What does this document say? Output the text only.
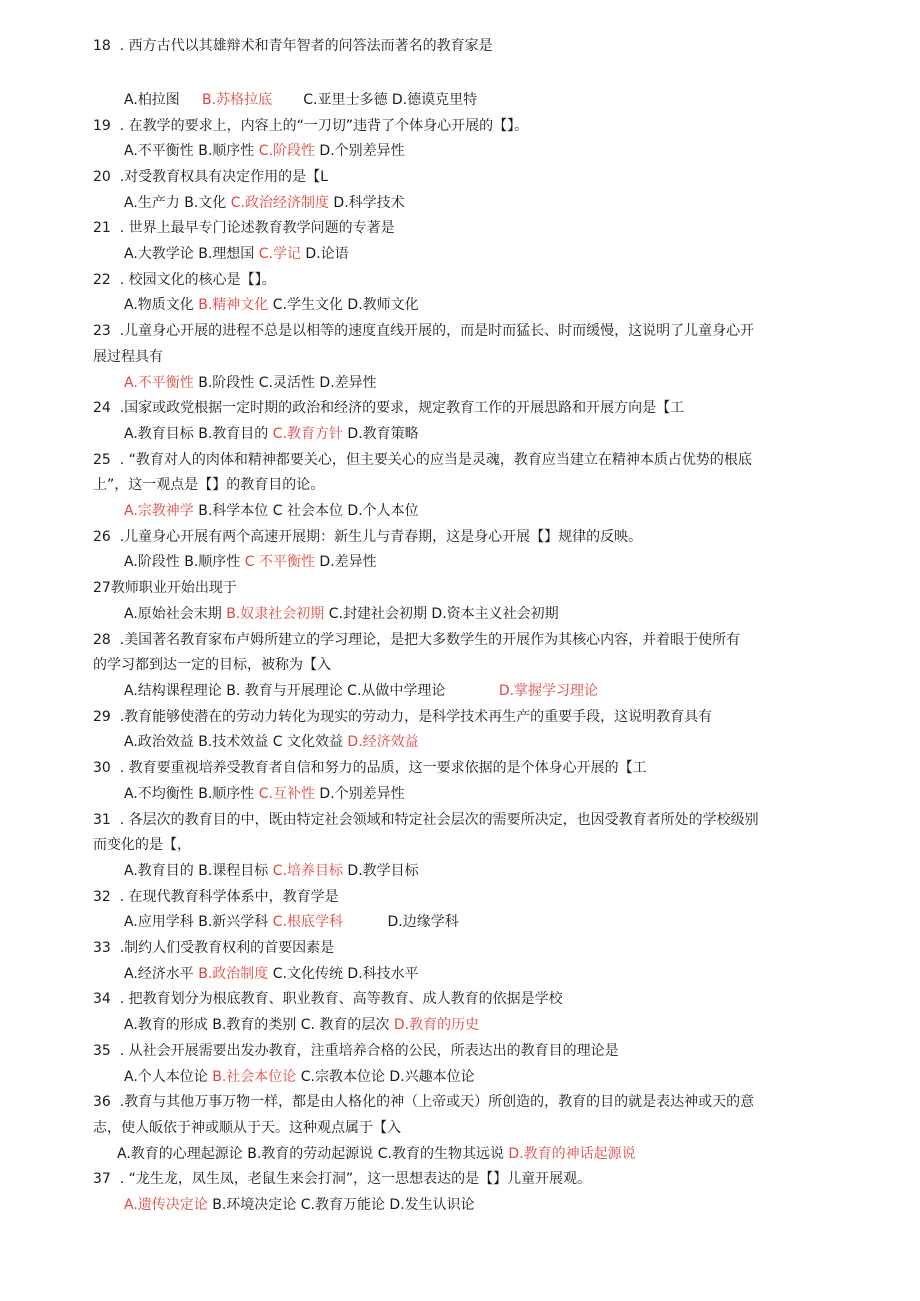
18  . 西方古代以其雄辩术和青年智者的问答法而著名的教育家是
A.柏拉图     B.苏格拉底       C.亚里士多德 D.德谟克里特
19  . 在教学的要求上，内容上的“一刀切”违背了个体身心开展的【】。
A.不平衡性 B.顺序性 C.阶段性 D.个别差异性
20  .对受教育权具有决定作用的是【L
A.生产力 B.文化 C.政治经济制度 D.科学技术
21  . 世界上最早专门论述教育教学问题的专著是
A.大教学论 B.理想国 C.学记 D.论语
22  . 校园文化的核心是【】。
A.物质文化 B.精神文化 C.学生文化 D.教师文化
23  .儿童身心开展的进程不总是以相等的速度直线开展的，而是时而猛长、时而缓慢，这说明了儿童身心开
展过程具有
A.不平衡性 B.阶段性 C.灵活性 D.差异性
24  .国家或政党根据一定时期的政治和经济的要求，规定教育工作的开展思路和开展方向是【工
A.教育目标 B.教育目的 C.教育方针 D.教育策略
25  . “教育对人的肉体和精神都要关心，但主要关心的应当是灵魂，教育应当建立在精神本质占优势的根底
上”，这一观点是【】的教育目的论。
A.宗教神学 B.科学本位 C 社会本位 D.个人本位
26  .儿童身心开展有两个高速开展期：新生儿与青春期，这是身心开展【】规律的反映。
A.阶段性 B.顺序性 C 不平衡性 D.差异性
27教师职业开始出现于
A.原始社会末期 B.奴隶社会初期 C.封建社会初期 D.资本主义社会初期
28  .美国著名教育家布卢姆所建立的学习理论，是把大多数学生的开展作为其核心内容，并着眼于使所有
的学习都到达一定的目标，被称为【入
A.结构课程理论 B. 教育与开展理论 C.从做中学理论            D.掌握学习理论
29  .教育能够使潜在的劳动力转化为现实的劳动力，是科学技术再生产的重要手段，这说明教育具有
A.政治效益 B.技术效益 C 文化效益 D.经济效益
30  . 教育要重视培养受教育者自信和努力的品质，这一要求依据的是个体身心开展的【工
A.不均衡性 B.顺序性 C.互补性 D.个别差异性
31  . 各层次的教育目的中，既由特定社会领域和特定社会层次的需要所决定，也因受教育者所处的学校级别
而变化的是【，
A.教育目的 B.课程目标 C.培养目标 D.教学目标
32  . 在现代教育科学体系中，教育学是
A.应用学科 B.新兴学科 C.根底学科          D.边缘学科
33  .制约人们受教育权利的首要因素是
A.经济水平 B.政治制度 C.文化传统 D.科技水平
34  . 把教育划分为根底教育、职业教育、高等教育、成人教育的依据是学校
A.教育的形成 B.教育的类别 C. 教育的层次 D.教育的历史
35  . 从社会开展需要出发办教育，注重培养合格的公民，所表达出的教育目的理论是
A.个人本位论 B.社会本位论 C.宗教本位论 D.兴趣本位论
36  .教育与其他万事万物一样，都是由人格化的神（上帝或天）所创造的，教育的目的就是表达神或天的意
志，使人皈依于神或顺从于天。这种观点属于【入
A.教育的心理起源论 B.教育的劳动起源说 C.教育的生物其远说 D.教育的神话起源说
37  . “龙生龙，凤生凤，老鼠生来会打洞”，这一思想表达的是【】儿童开展观。
A.遗传决定论 B.环境决定论 C.教育万能论 D.发生认识论
